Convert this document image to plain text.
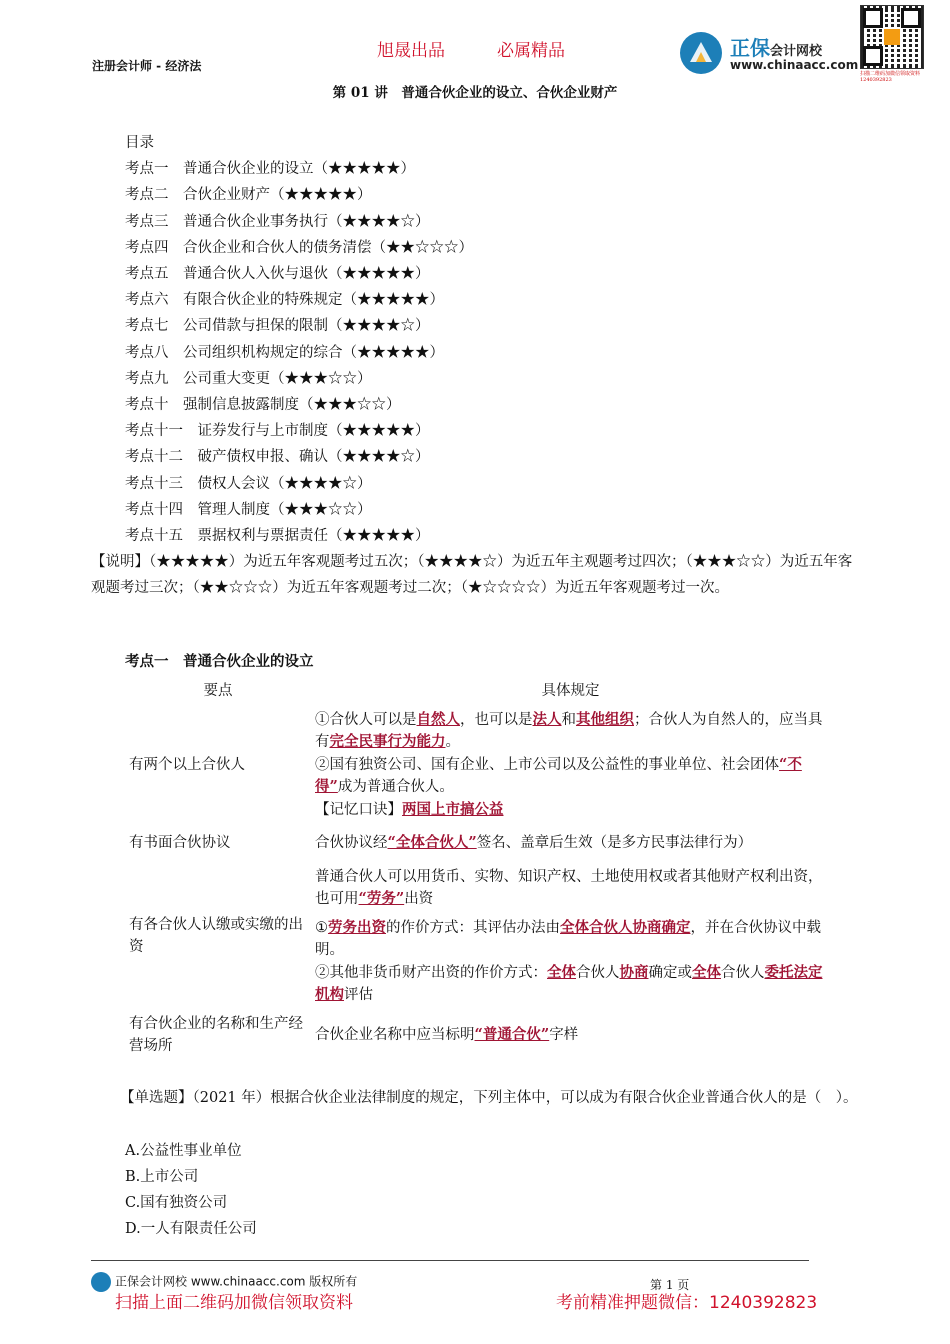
旭晟出品	必属精品
注册会计师 - 经济法
正保会计网校
www.chinaacc.com
扫描二维码加微信领取资料 1240392823
第 01 讲　普通合伙企业的设立、合伙企业财产
目录
考点一　普通合伙企业的设立（★★★★★）
考点二　合伙企业财产（★★★★★）
考点三　普通合伙企业事务执行（★★★★☆）
考点四　合伙企业和合伙人的债务清偿（★★☆☆☆）
考点五　普通合伙人入伙与退伙（★★★★★）
考点六　有限合伙企业的特殊规定（★★★★★）
考点七　公司借款与担保的限制（★★★★☆）
考点八　公司组织机构规定的综合（★★★★★）
考点九　公司重大变更（★★★☆☆）
考点十　强制信息披露制度（★★★☆☆）
考点十一　证券发行与上市制度（★★★★★）
考点十二　破产债权申报、确认（★★★★☆）
考点十三　债权人会议（★★★★☆）
考点十四　管理人制度（★★★☆☆）
考点十五　票据权利与票据责任（★★★★★）
【说明】（★★★★★）为近五年客观题考过五次；（★★★★☆）为近五年主观题考过四次；（★★★☆☆）为近五年客观题考过三次；（★★☆☆☆）为近五年客观题考过二次；（★☆☆☆☆）为近五年客观题考过一次。
考点一　普通合伙企业的设立
要点	具体规定
有两个以上合伙人	①合伙人可以是自然人，也可以是法人和其他组织；合伙人为自然人的，应当具有完全民事行为能力。
②国有独资公司、国有企业、上市公司以及公益性的事业单位、社会团体“不得”成为普通合伙人。
【记忆口诀】两国上市搞公益

有书面合伙协议	合伙协议经“全体合伙人”签名、盖章后生效（是多方民事法律行为）

有各合伙人认缴或实缴的出资	普通合伙人可以用货币、实物、知识产权、土地使用权或者其他财产权利出资，也可用“劳务”出资
①劳务出资的作价方式：其评估办法由全体合伙人协商确定，并在合伙协议中载明。
②其他非货币财产出资的作价方式：全体合伙人协商确定或全体合伙人委托法定机构评估

有合伙企业的名称和生产经营场所	合伙企业名称中应当标明“普通合伙”字样
【单选题】（2021 年）根据合伙企业法律制度的规定，下列主体中，可以成为有限合伙企业普通合伙人的是（　）。
A.公益性事业单位
B.上市公司
C.国有独资公司
D.一人有限责任公司
正保会计网校 www.chinaacc.com 版权所有	第 1 页
扫描上面二维码加微信领取资料	考前精准押题微信：1240392823
